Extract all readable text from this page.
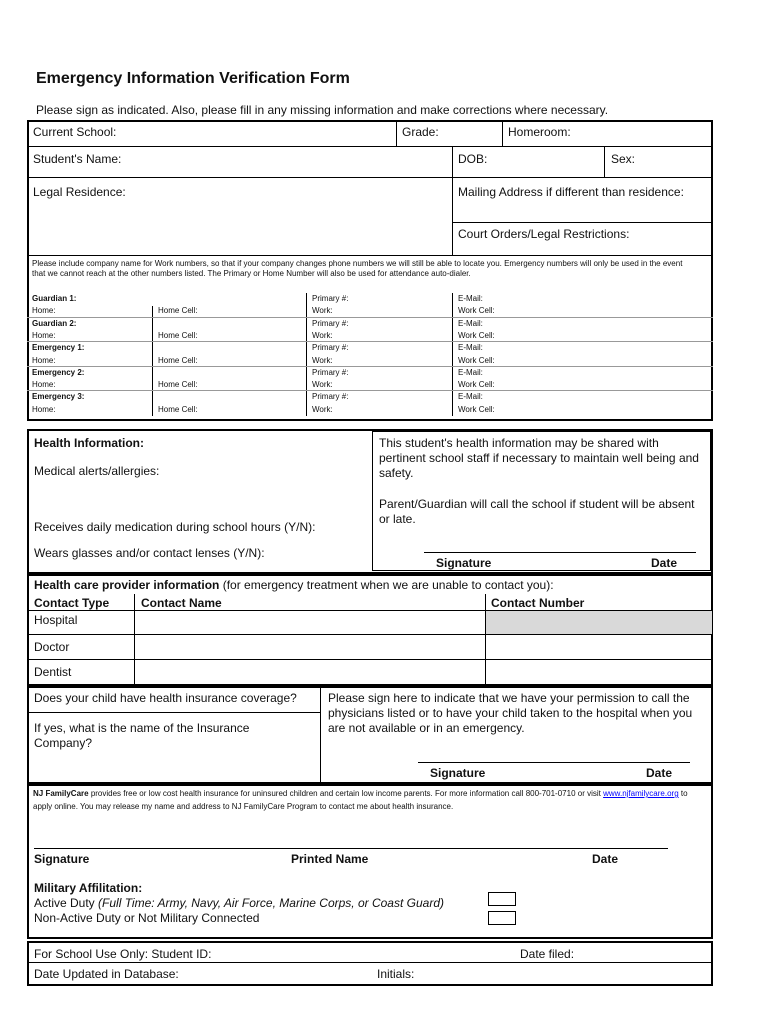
Emergency Information Verification Form
Please sign as indicated. Also, please fill in any missing information and make corrections where necessary.
Current School:	Grade:	Homeroom:
Student's Name:	DOB:	Sex:
Legal Residence:	Mailing Address if different than residence:
Court Orders/Legal Restrictions:
Please include company name for Work numbers, so that if your company changes phone numbers we will still be able to locate you. Emergency numbers will only be used in the event that we cannot reach at the other numbers listed. The Primary or Home Number will also be used for attendance auto-dialer.
Guardian 1:	Primary #:	E-Mail:
Home:	Home Cell:	Work:	Work Cell:
Guardian 2:	Primary #:	E-Mail:
Home:	Home Cell:	Work:	Work Cell:
Emergency 1:	Primary #:	E-Mail:
Home:	Home Cell:	Work:	Work Cell:
Emergency 2:	Primary #:	E-Mail:
Home:	Home Cell:	Work:	Work Cell:
Emergency 3:	Primary #:	E-Mail:
Home:	Home Cell:	Work:	Work Cell:
Health Information:
Medical alerts/allergies:
Receives daily medication during school hours (Y/N):
Wears glasses and/or contact lenses (Y/N):
This student's health information may be shared with pertinent school staff if necessary to maintain well being and safety.
Parent/Guardian will call the school if student will be absent or late.
Signature	Date
Health care provider information (for emergency treatment when we are unable to contact you):
Contact Type	Contact Name	Contact Number
Hospital
Doctor
Dentist
Does your child have health insurance coverage?
If yes, what is the name of the Insurance Company?
Please sign here to indicate that we have your permission to call the physicians listed or to have your child taken to the hospital when you are not available or in an emergency.
Signature	Date
NJ FamilyCare provides free or low cost health insurance for uninsured children and certain low income parents. For more information call 800-701-0710 or visit www.njfamilycare.org to apply online. You may release my name and address to NJ FamilyCare Program to contact me about health insurance.
Signature	Printed Name	Date
Military Affilitation:
Active Duty (Full Time: Army, Navy, Air Force, Marine Corps, or Coast Guard)
Non-Active Duty or Not Military Connected
For School Use Only: Student ID:	Date filed:
Date Updated in Database:	Initials:
